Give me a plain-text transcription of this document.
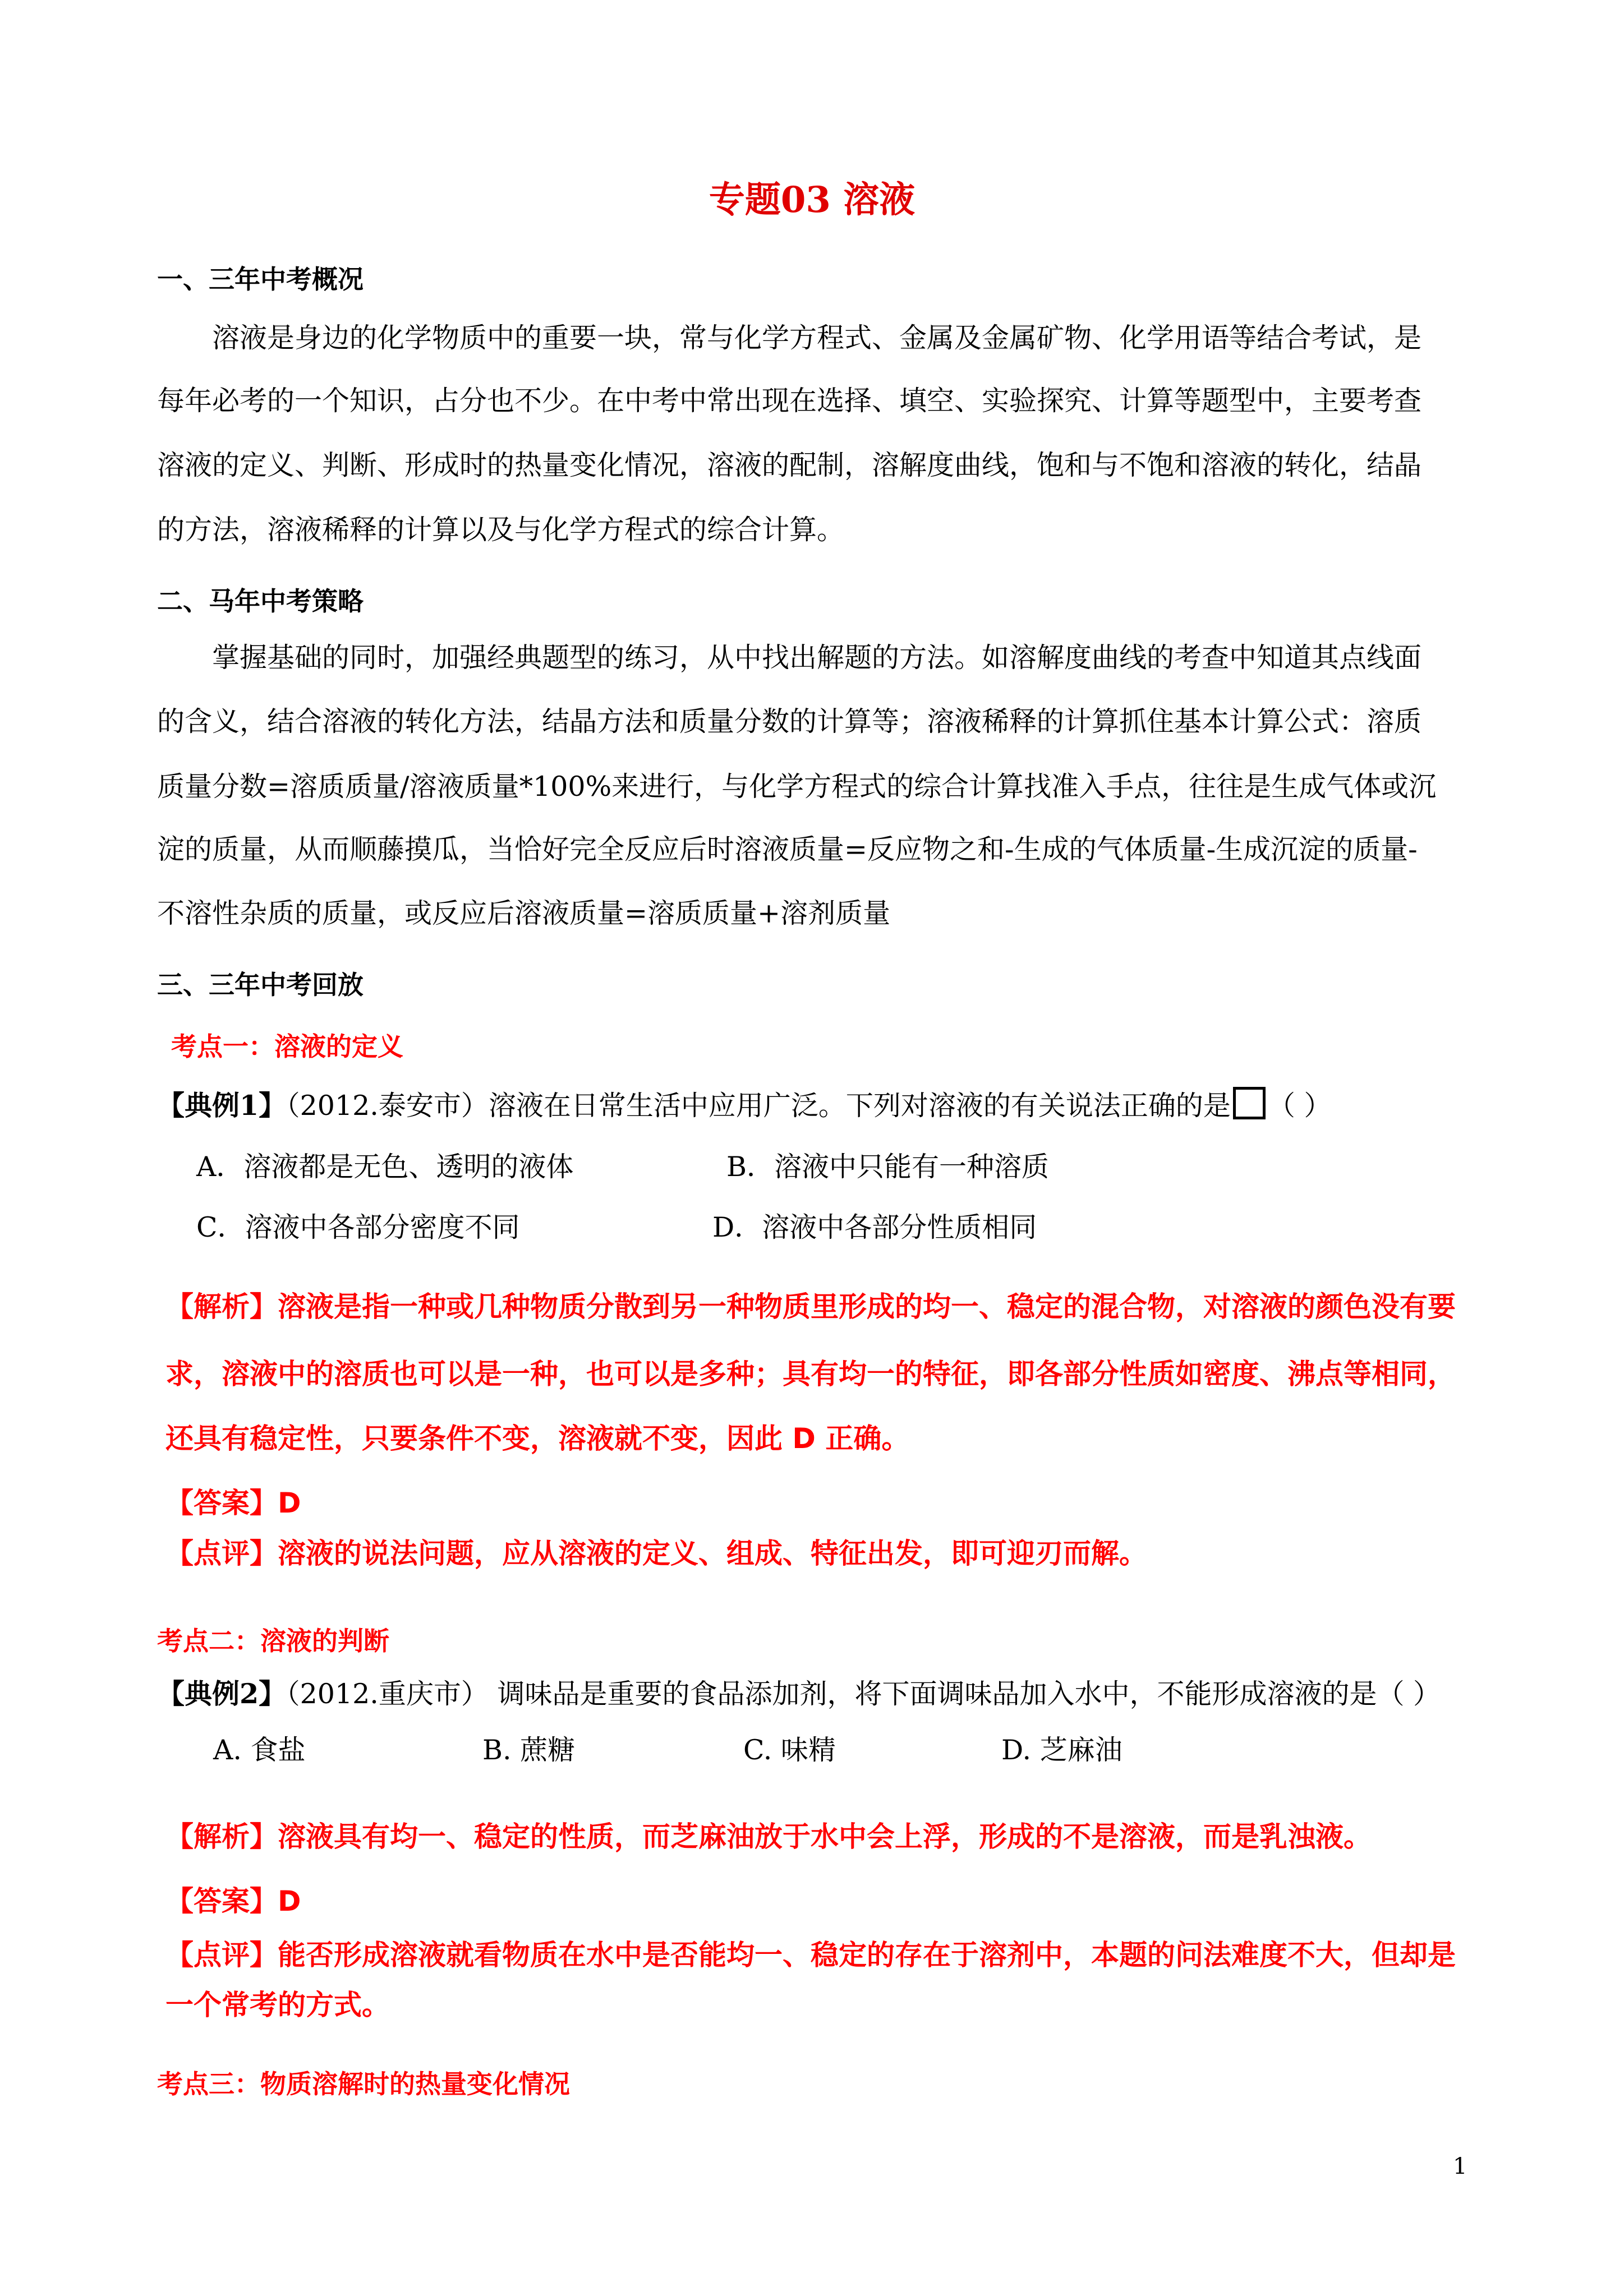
专题03 溶液
一、三年中考概况
溶液是身边的化学物质中的重要一块，常与化学方程式、金属及金属矿物、化学用语等结合考试，是
每年必考的一个知识，占分也不少。在中考中常出现在选择、填空、实验探究、计算等题型中，主要考查
溶液的定义、判断、形成时的热量变化情况，溶液的配制，溶解度曲线，饱和与不饱和溶液的转化，结晶
的方法，溶液稀释的计算以及与化学方程式的综合计算。
二、马年中考策略
掌握基础的同时，加强经典题型的练习，从中找出解题的方法。如溶解度曲线的考查中知道其点线面
的含义，结合溶液的转化方法，结晶方法和质量分数的计算等；溶液稀释的计算抓住基本计算公式：溶质
质量分数=溶质质量/溶液质量*100%来进行，与化学方程式的综合计算找准入手点，往往是生成气体或沉
淀的质量，从而顺藤摸瓜，当恰好完全反应后时溶液质量=反应物之和-生成的气体质量-生成沉淀的质量-
不溶性杂质的质量，或反应后溶液质量=溶质质量+溶剂质量
三、三年中考回放
考点一：溶液的定义
【典例1】（2012.泰安市）溶液在日常生活中应用广泛。下列对溶液的有关说法正确的是 （ ）
A．溶液都是无色、透明的液体	B．溶液中只能有一种溶质
C．溶液中各部分密度不同	D．溶液中各部分性质相同
【解析】溶液是指一种或几种物质分散到另一种物质里形成的均一、稳定的混合物，对溶液的颜色没有要
求，溶液中的溶质也可以是一种，也可以是多种；具有均一的特征，即各部分性质如密度、沸点等相同，
还具有稳定性，只要条件不变，溶液就不变，因此 D 正确。
【答案】D
【点评】溶液的说法问题，应从溶液的定义、组成、特征出发，即可迎刃而解。
考点二：溶液的判断
【典例2】（2012.重庆市） 调味品是重要的食品添加剂，将下面调味品加入水中，不能形成溶液的是（ ）
A. 食盐	B. 蔗糖	C. 味精	D. 芝麻油
【解析】溶液具有均一、稳定的性质，而芝麻油放于水中会上浮，形成的不是溶液，而是乳浊液。
【答案】D
【点评】能否形成溶液就看物质在水中是否能均一、稳定的存在于溶剂中，本题的问法难度不大，但却是
一个常考的方式。
考点三：物质溶解时的热量变化情况
1
